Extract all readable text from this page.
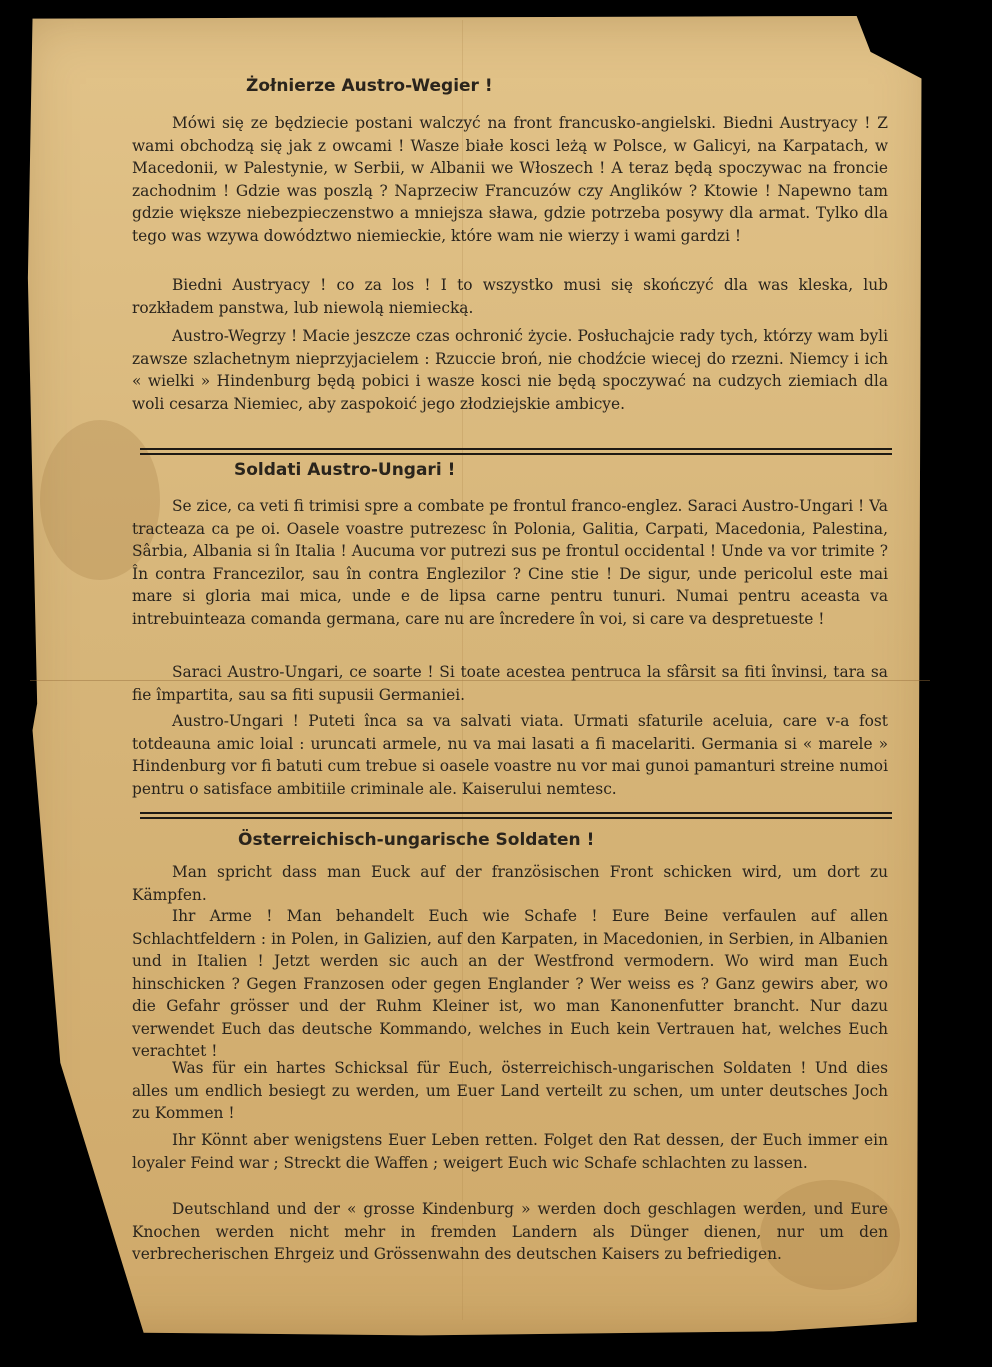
Żołnierze Austro-Wegier !

Mówi się ze będziecie postani walczyć na front francusko-angielski. Biedni Austryacy ! Z wami obchodzą się jak z owcami ! Wasze białe kosci leżą w Polsce, w Galicyi, na Karpatach, w Macedonii, w Palestynie, w Serbii, w Albanii we Włoszech ! A teraz będą spoczywac na froncie zachodnim ! Gdzie was poszlą ? Naprzeciw Francuzów czy Anglików ? Ktowie ! Napewno tam gdzie większe niebezpieczenstwo a mniejsza sława, gdzie potrzeba posywy dla armat. Tylko dla tego was wzywa dowództwo niemieckie, które wam nie wierzy i wami gardzi !

Biedni Austryacy ! co za los ! I to wszystko musi się skończyć dla was kleska, lub rozkładem panstwa, lub niewolą niemiecką.

Austro-Wegrzy ! Macie jeszcze czas ochronić życie. Posłuchajcie rady tych, którzy wam byli zawsze szlachetnym nieprzyjacielem : Rzuccie broń, nie chodźcie wiecej do rzezni. Niemcy i ich « wielki » Hindenburg będą pobici i wasze kosci nie będą spoczywać na cudzych ziemiach dla woli cesarza Niemiec, aby zaspokoić jego złodziejskie ambicye.

Soldati Austro-Ungari !

Se zice, ca veti fi trimisi spre a combate pe frontul franco-englez. Saraci Austro-Ungari ! Va tracteaza ca pe oi. Oasele voastre putrezesc în Polonia, Galitia, Carpati, Macedonia, Palestina, Sârbia, Albania si în Italia ! Aucuma vor putrezi sus pe frontul occidental ! Unde va vor trimite ? În contra Francezilor, sau în contra Englezilor ? Cine stie ! De sigur, unde pericolul este mai mare si gloria mai mica, unde e de lipsa carne pentru tunuri. Numai pentru aceasta va intrebuinteaza comanda germana, care nu are încredere în voi, si care va despretueste !

Saraci Austro-Ungari, ce soarte ! Si toate acestea pentruca la sfârsit sa fiti învinsi, tara sa fie împartita, sau sa fiti supusii Germaniei.

Austro-Ungari ! Puteti înca sa va salvati viata. Urmati sfaturile aceluia, care v-a fost totdeauna amic loial : uruncati armele, nu va mai lasati a fi macelariti. Germania si « marele » Hindenburg vor fi batuti cum trebue si oasele voastre nu vor mai gunoi pamanturi streine numoi pentru o satisface ambitiile criminale ale. Kaiserului nemtesc.

Österreichisch-ungarische Soldaten !

Man spricht dass man Euck auf der französischen Front schicken wird, um dort zu Kämpfen.

Ihr Arme ! Man behandelt Euch wie Schafe ! Eure Beine verfaulen auf allen Schlachtfeldern : in Polen, in Galizien, auf den Karpaten, in Macedonien, in Serbien, in Albanien und in Italien ! Jetzt werden sic auch an der Westfrond vermodern. Wo wird man Euch hinschicken ? Gegen Franzosen oder gegen Englander ? Wer weiss es ? Ganz gewirs aber, wo die Gefahr grösser und der Ruhm Kleiner ist, wo man Kanonenfutter brancht. Nur dazu verwendet Euch das deutsche Kommando, welches in Euch kein Vertrauen hat, welches Euch verachtet !

Was für ein hartes Schicksal für Euch, österreichisch-ungarischen Soldaten ! Und dies alles um endlich besiegt zu werden, um Euer Land verteilt zu schen, um unter deutsches Joch zu Kommen !

Ihr Könnt aber wenigstens Euer Leben retten. Folget den Rat dessen, der Euch immer ein loyaler Feind war ; Streckt die Waffen ; weigert Euch wic Schafe schlachten zu lassen.

Deutschland und der « grosse Kindenburg » werden doch geschlagen werden, und Eure Knochen werden nicht mehr in fremden Landern als Dünger dienen, nur um den verbrecherischen Ehrgeiz und Grössenwahn des deutschen Kaisers zu befriedigen.
